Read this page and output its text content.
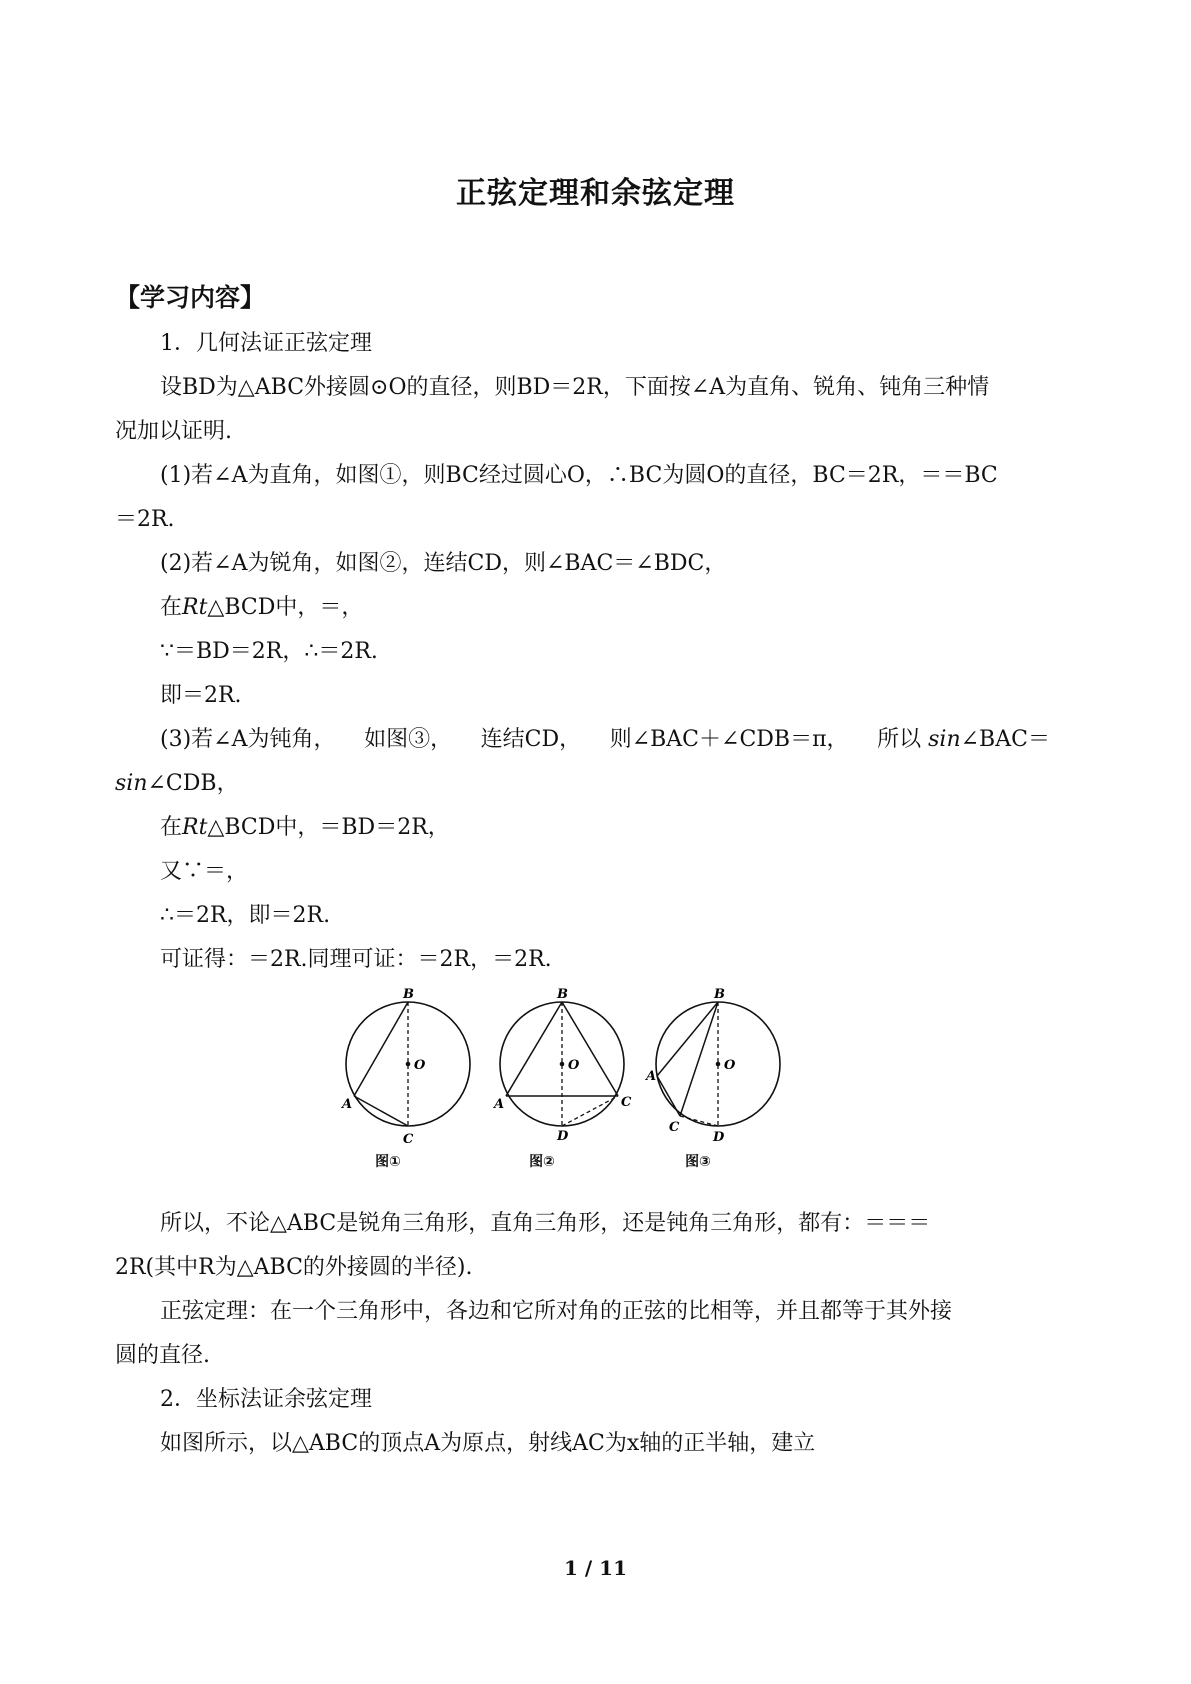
正弦定理和余弦定理
【学习内容】
1．几何法证正弦定理
设BD为△ABC外接圆⊙O的直径，则BD＝2R，下面按∠A为直角、锐角、钝角三种情
况加以证明.
(1)若∠A为直角，如图①，则BC经过圆心O，∴BC为圆O的直径，BC＝2R，＝＝BC
＝2R.
(2)若∠A为锐角，如图②，连结CD，则∠BAC＝∠BDC，
在Rt△BCD中，＝，
∵＝BD＝2R，∴＝2R.
即＝2R.
(3)若∠A为钝角， 如图③， 连结CD， 则∠BAC＋∠CDB＝π， 所以 sin∠BAC＝
sin∠CDB，
在Rt△BCD中，＝BD＝2R，
又∵＝，
∴＝2R，即＝2R.
可证得：＝2R.同理可证：＝2R，＝2R.
B
O
A
C
图①
B
O
A	C
D
图②
B
O
A
C
D
图③
所以，不论△ABC是锐角三角形，直角三角形，还是钝角三角形，都有：＝＝＝
2R(其中R为△ABC的外接圆的半径).
正弦定理：在一个三角形中，各边和它所对角的正弦的比相等，并且都等于其外接
圆的直径.
2．坐标法证余弦定理
如图所示，以△ABC的顶点A为原点，射线AC为x轴的正半轴，建立
1 / 11
